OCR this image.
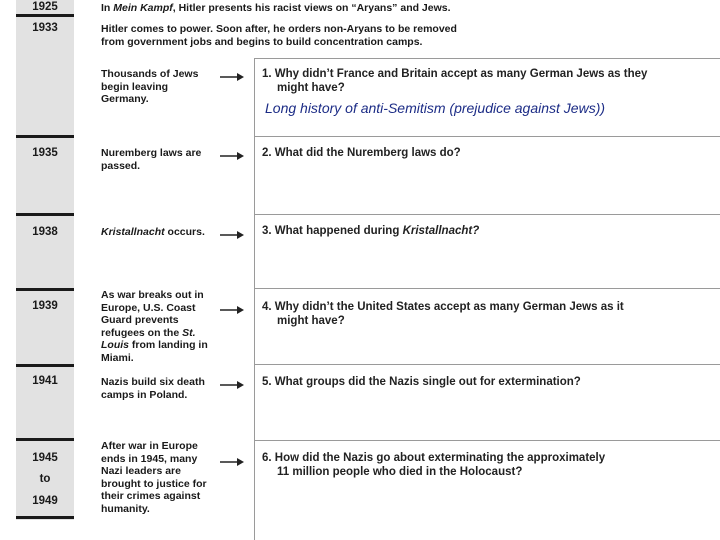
1925
1933
1935
1938
1939
1941
1945
to
1949
In Mein Kampf, Hitler presents his racist views on “Aryans” and Jews.
Hitler comes to power. Soon after, he orders non-Aryans to be removed
from government jobs and begins to build concentration camps.
Thousands of Jews
begin leaving
Germany.
Nuremberg laws are
passed.
Kristallnacht occurs.
As war breaks out in
Europe, U.S. Coast
Guard prevents
refugees on the St.
Louis from landing in
Miami.
Nazis build six death
camps in Poland.
After war in Europe
ends in 1945, many
Nazi leaders are
brought to justice for
their crimes against
humanity.
1. Why didn’t France and Britain accept as many German Jews as they
might have?
Long history of anti-Semitism (prejudice against Jews))
2. What did the Nuremberg laws do?
3. What happened during Kristallnacht?
4. Why didn’t the United States accept as many German Jews as it
might have?
5. What groups did the Nazis single out for extermination?
6. How did the Nazis go about exterminating the approximately
11 million people who died in the Holocaust?
